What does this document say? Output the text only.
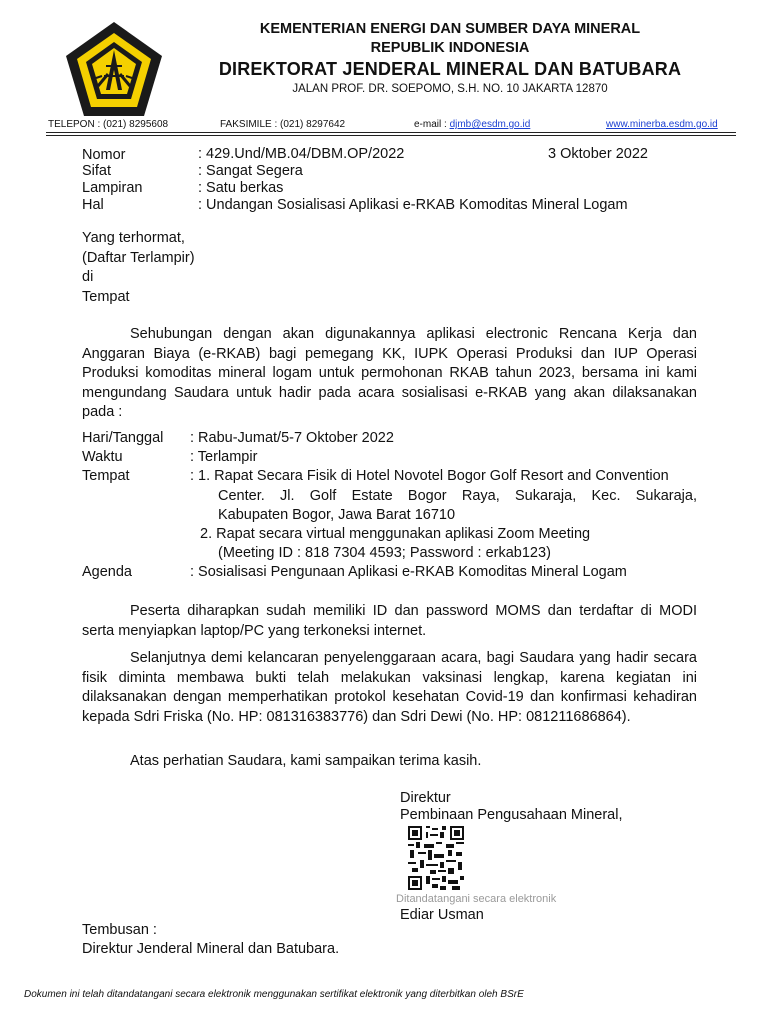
KEMENTERIAN ENERGI DAN SUMBER DAYA MINERAL
REPUBLIK INDONESIA
DIREKTORAT JENDERAL MINERAL DAN BATUBARA
JALAN PROF. DR. SOEPOMO, S.H. NO. 10 JAKARTA 12870
TELEPON : (021) 8295608	FAKSIMILE : (021) 8297642	e-mail : djmb@esdm.go.id	www.minerba.esdm.go.id
Nomor	: 429.Und/MB.04/DBM.OP/2022	3 Oktober 2022
Sifat	: Sangat Segera
Lampiran	: Satu berkas
Hal	: Undangan Sosialisasi Aplikasi e-RKAB Komoditas Mineral Logam
Yang terhormat,
(Daftar Terlampir)
di
Tempat
Sehubungan dengan akan digunakannya aplikasi electronic Rencana Kerja dan Anggaran Biaya (e-RKAB) bagi pemegang KK, IUPK Operasi Produksi dan IUP Operasi Produksi komoditas mineral logam untuk permohonan RKAB tahun 2023, bersama ini kami mengundang Saudara untuk hadir pada acara sosialisasi e-RKAB yang akan dilaksanakan pada :
Hari/Tanggal : Rabu-Jumat/5-7 Oktober 2022
Waktu	: Terlampir
Tempat	: 1. Rapat Secara Fisik di Hotel Novotel Bogor Golf Resort and Convention
Center. Jl. Golf Estate Bogor Raya, Sukaraja, Kec. Sukaraja,
Kabupaten Bogor, Jawa Barat 16710
2. Rapat secara virtual menggunakan aplikasi Zoom Meeting
(Meeting ID : 818 7304 4593; Password : erkab123)
Agenda	: Sosialisasi Pengunaan Aplikasi e-RKAB Komoditas Mineral Logam
Peserta diharapkan sudah memiliki ID dan password MOMS dan terdaftar di MODI serta menyiapkan laptop/PC yang terkoneksi internet.
Selanjutnya demi kelancaran penyelenggaraan acara, bagi Saudara yang hadir secara fisik diminta membawa bukti telah melakukan vaksinasi lengkap, karena kegiatan ini dilaksanakan dengan memperhatikan protokol kesehatan Covid-19 dan konfirmasi kehadiran kepada Sdri Friska (No. HP: 081316383776) dan Sdri Dewi (No. HP: 081211686864).
Atas perhatian Saudara, kami sampaikan terima kasih.
Direktur
Pembinaan Pengusahaan Mineral,
Ditandatangani secara elektronik
Ediar Usman
Tembusan :
Direktur Jenderal Mineral dan Batubara.
Dokumen ini telah ditandatangani secara elektronik menggunakan sertifikat elektronik yang diterbitkan oleh BSrE
